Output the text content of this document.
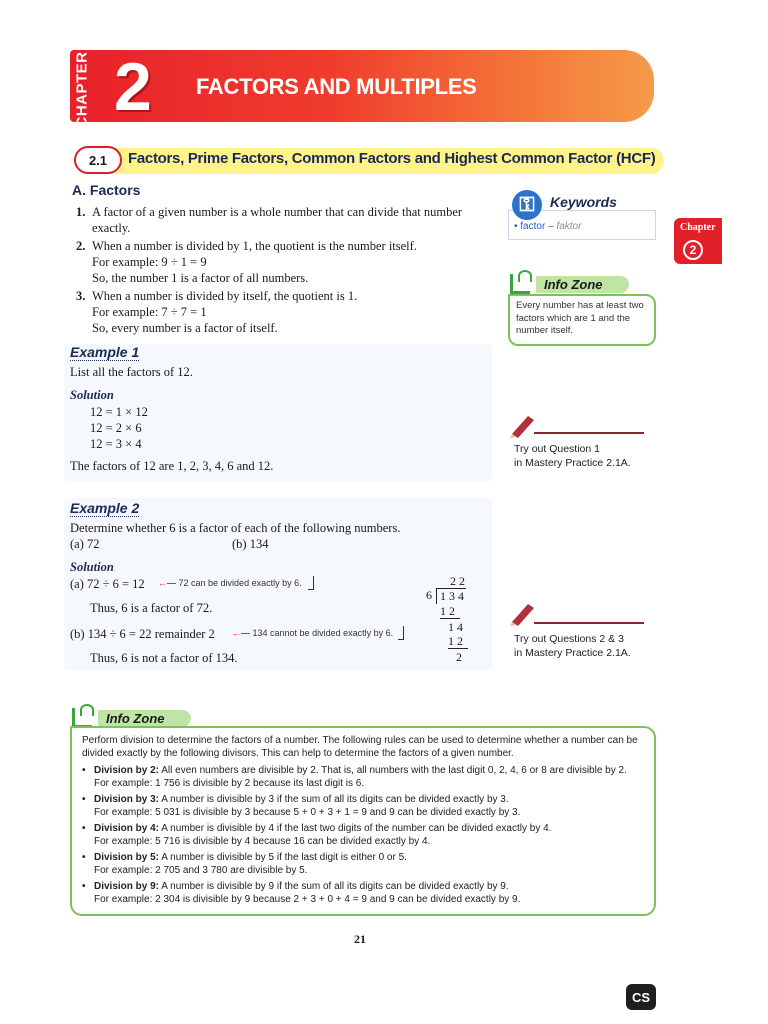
CHAPTER 2 FACTORS AND MULTIPLES
2.1	Factors, Prime Factors, Common Factors and Highest Common Factor (HCF)
Chapter
2
A. Factors
1. A factor of a given number is a whole number that can divide that number exactly.

2. When a number is divided by 1, the quotient is the number itself.

For example: 9 ÷ 1 = 9

So, the number 1 is a factor of all numbers.

3. When a number is divided by itself, the quotient is 1.

For example: 7 ÷ 7 = 1

So, every number is a factor of itself.

⚿	Keywords
• factor – faktor
Info Zone
Every number has at least two factors which are 1 and the number itself.
Example 1
List all the factors of 12.
Solution
12 = 1 × 12
12 = 2 × 6
12 = 3 × 4
The factors of 12 are 1, 2, 3, 4, 6 and 12.
Try out Question 1
in Mastery Practice 2.1A.
Example 2
Determine whether 6 is a factor of each of the following numbers.
(a) 72	(b) 134
Solution
(a) 72 ÷ 6 = 12 ←— 72 can be divided exactly by 6.
Thus, 6 is a factor of 72.
(b) 134 ÷ 6 = 22 remainder 2 ←— 134 cannot be divided exactly by 6.
Thus, 6 is not a factor of 134.
2 2
6 1 3 4
1 2
1 4
1 2
2
Try out Questions 2 & 3
in Mastery Practice 2.1A.
Info Zone
Perform division to determine the factors of a number. The following rules can be used to determine whether a number can be divided exactly by the following divisors. This can help to determine the factors of a given number.
• Division by 2: All even numbers are divisible by 2. That is, all numbers with the last digit 0, 2, 4, 6 or 8 are divisible by 2.
For example: 1 756 is divisible by 2 because its last digit is 6.
• Division by 3: A number is divisible by 3 if the sum of all its digits can be divided exactly by 3.
For example: 5 031 is divisible by 3 because 5 + 0 + 3 + 1 = 9 and 9 can be divided exactly by 3.
• Division by 4: A number is divisible by 4 if the last two digits of the number can be divided exactly by 4.
For example: 5 716 is divisible by 4 because 16 can be divided exactly by 4.
• Division by 5: A number is divisible by 5 if the last digit is either 0 or 5.
For example: 2 705 and 3 780 are divisible by 5.
• Division by 9: A number is divisible by 9 if the sum of all its digits can be divided exactly by 9.
For example: 2 304 is divisible by 9 because 2 + 3 + 0 + 4 = 9 and 9 can be divided exactly by 9.
21
CS
